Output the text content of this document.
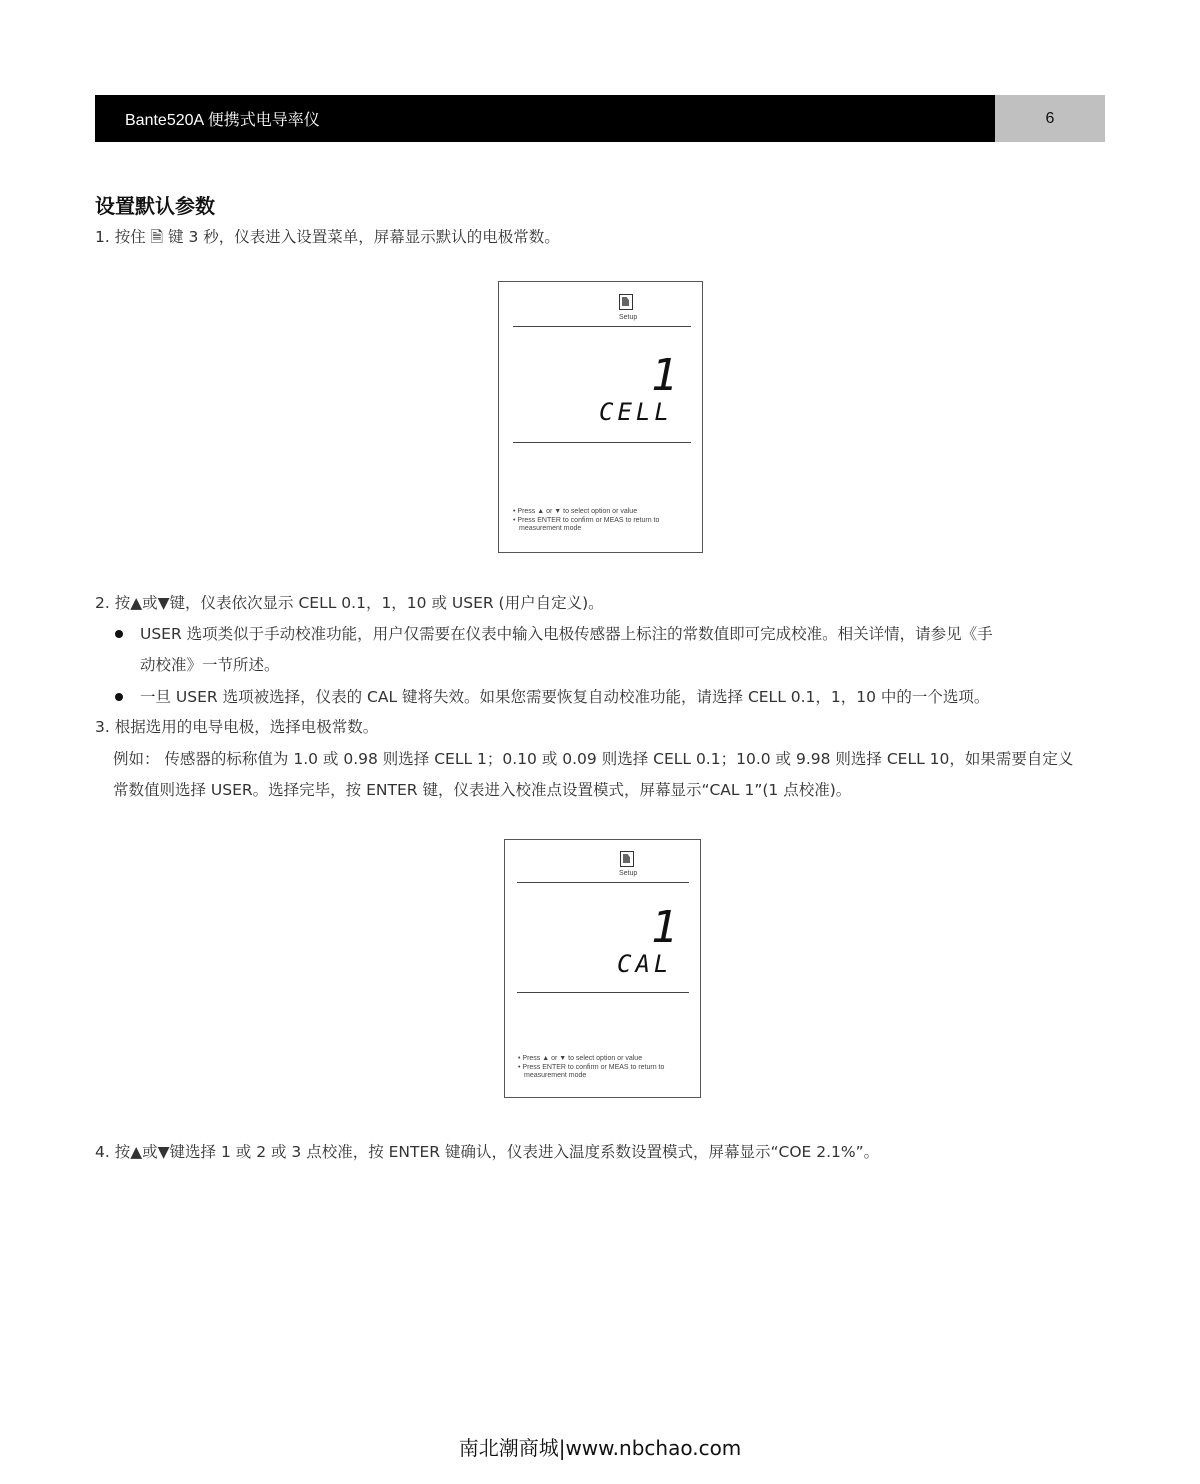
Bante520A 便携式电导率仪	6
设置默认参数
1. 按住 🗎 键 3 秒，仪表进入设置菜单，屏幕显示默认的电极常数。
Setup
1
CELL
• Press ▲ or ▼ to select option or value
• Press ENTER to confirm or MEAS to return to
measurement mode
2. 按▲或▼键，仪表依次显示 CELL 0.1，1，10 或 USER (用户自定义)。
USER 选项类似于手动校准功能，用户仅需要在仪表中输入电极传感器上标注的常数值即可完成校准。相关详情，请参见《手
动校准》一节所述。
一旦 USER 选项被选择，仪表的 CAL 键将失效。如果您需要恢复自动校准功能，请选择 CELL 0.1，1，10 中的一个选项。
3. 根据选用的电导电极，选择电极常数。
例如： 传感器的标称值为 1.0 或 0.98 则选择 CELL 1；0.10 或 0.09 则选择 CELL 0.1；10.0 或 9.98 则选择 CELL 10，如果需要自定义
常数值则选择 USER。选择完毕，按 ENTER 键，仪表进入校准点设置模式，屏幕显示“CAL 1”(1 点校准)。
Setup
1
CAL
• Press ▲ or ▼ to select option or value
• Press ENTER to confirm or MEAS to return to
measurement mode
4. 按▲或▼键选择 1 或 2 或 3 点校准，按 ENTER 键确认，仪表进入温度系数设置模式，屏幕显示“COE 2.1%”。
南北潮商城|www.nbchao.com
